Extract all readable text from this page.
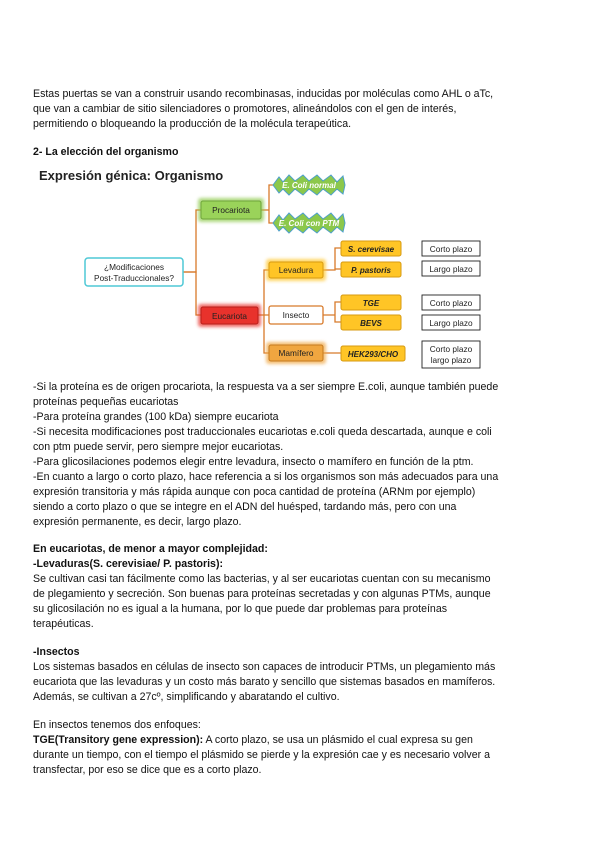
Estas puertas se van a construir usando recombinasas, inducidas por moléculas como AHL o aTc,
que van a cambiar de sitio silenciadores o promotores, alineándolos con el gen de interés,
permitiendo o bloqueando la producción de la molécula terapeútica.
2- La elección del organismo
Expresión génica: Organismo
¿Modificaciones
Post-Traduccionales?
Procariota
E. Coli normal
E. Coli con PTM
Eucariota
Levadura
Insecto
Mamífero
S. cerevisae
P. pastoris
TGE
BEVS
HEK293/CHO
Corto plazo
Largo plazo
Corto plazo
Largo plazo
Corto plazo
largo plazo
-Si la proteína es de origen procariota, la respuesta va a ser siempre E.coli, aunque también puede
proteínas pequeñas eucariotas
-Para proteína grandes (100 kDa) siempre eucariota
-Si necesita modificaciones post traduccionales eucariotas e.coli queda descartada, aunque e coli
con ptm puede servir, pero siempre mejor eucariotas.
-Para glicosilaciones podemos elegir entre levadura, insecto o mamífero en función de la ptm.
-En cuanto a largo o corto plazo, hace referencia a si los organismos son más adecuados para una
expresión transitoria y más rápida aunque con poca cantidad de proteína (ARNm por ejemplo)
siendo a corto plazo o que se integre en el ADN del huésped, tardando más, pero con una
expresión permanente, es decir, largo plazo.
En eucariotas, de menor a mayor complejidad:
-Levaduras(S. cerevisiae/ P. pastoris):
Se cultivan casi tan fácilmente como las bacterias, y al ser eucariotas cuentan con su mecanismo
de plegamiento y secreción. Son buenas para proteínas secretadas y con algunas PTMs, aunque
su glicosilación no es igual a la humana, por lo que puede dar problemas para proteínas
terapéuticas.
-Insectos
Los sistemas basados en células de insecto son capaces de introducir PTMs, un plegamiento más
eucariota que las levaduras y un costo más barato y sencillo que sistemas basados en mamíferos.
Además, se cultivan a 27cº, simplificando y abaratando el cultivo.
En insectos tenemos dos enfoques:
TGE(Transitory gene expression): A corto plazo, se usa un plásmido el cual expresa su gen
durante un tiempo, con el tiempo el plásmido se pierde y la expresión cae y es necesario volver a
transfectar, por eso se dice que es a corto plazo.
